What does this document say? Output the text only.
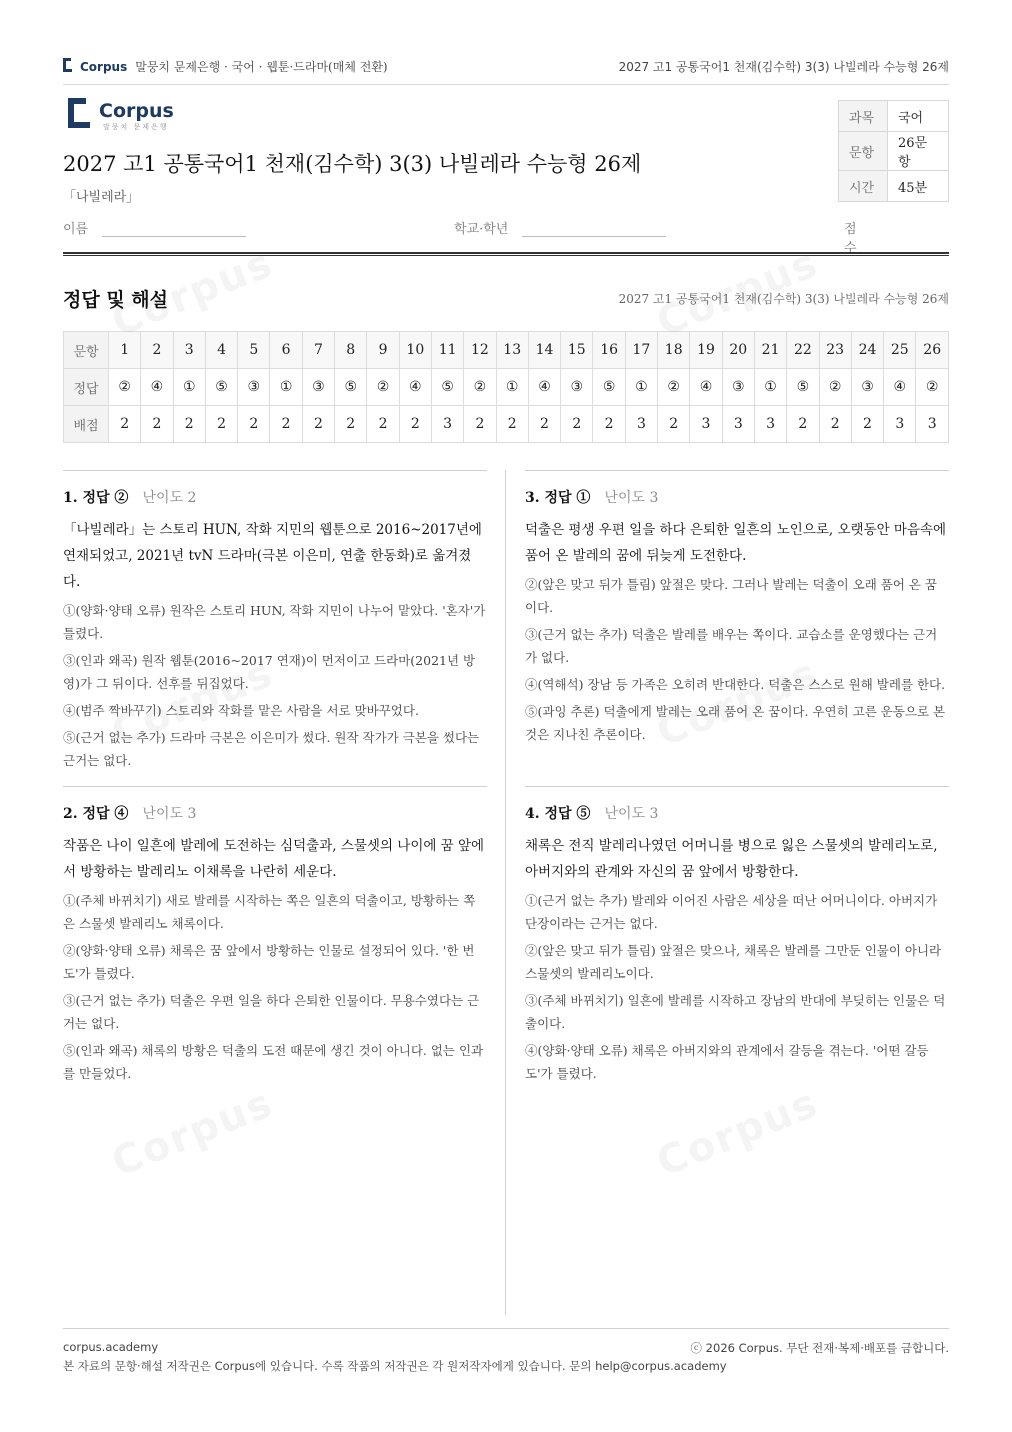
Corpus 말뭉치 문제은행 · 국어 · 웹툰·드라마(매체 전환)	2027 고1 공통국어1 천재(김수학) 3(3) 나빌레라 수능형 26제
Corpus
말뭉치 문제은행
2027 고1 공통국어1 천재(김수학) 3(3) 나빌레라 수능형 26제
「나빌레라」
과목	국어
문항	26문항
시간	45분
이름	학교·학년	점수
정답 및 해설	2027 고1 공통국어1 천재(김수학) 3(3) 나빌레라 수능형 26제
문항	1	2	3	4	5	6	7	8	9	10	11	12	13	14	15	16	17	18	19	20	21	22	23	24	25	26
정답	②	④	①	⑤	③	①	③	⑤	②	④	⑤	②	①	④	③	⑤	①	②	④	③	①	⑤	②	③	④	②
배점	2	2	2	2	2	2	2	2	2	2	3	2	2	2	2	2	3	2	3	3	3	2	2	2	3	3
1. 정답 ② 난이도 2
「나빌레라」는 스토리 HUN, 작화 지민의 웹툰으로 2016~2017년에 연재되었고, 2021년 tvN 드라마(극본 이은미, 연출 한동화)로 옮겨졌다.
①(양화·양태 오류) 원작은 스토리 HUN, 작화 지민이 나누어 맡았다. '혼자'가 틀렸다.
③(인과 왜곡) 원작 웹툰(2016~2017 연재)이 먼저이고 드라마(2021년 방영)가 그 뒤이다. 선후를 뒤집었다.
④(범주 짝바꾸기) 스토리와 작화를 맡은 사람을 서로 맞바꾸었다.
⑤(근거 없는 추가) 드라마 극본은 이은미가 썼다. 원작 작가가 극본을 썼다는 근거는 없다.
2. 정답 ④ 난이도 3
작품은 나이 일흔에 발레에 도전하는 심덕출과, 스물셋의 나이에 꿈 앞에서 방황하는 발레리노 이채록을 나란히 세운다.
①(주체 바뀌치기) 새로 발레를 시작하는 쪽은 일흔의 덕출이고, 방황하는 쪽은 스물셋 발레리노 채록이다.
②(양화·양태 오류) 채록은 꿈 앞에서 방황하는 인물로 설정되어 있다. '한 번도'가 틀렸다.
③(근거 없는 추가) 덕출은 우편 일을 하다 은퇴한 인물이다. 무용수였다는 근거는 없다.
⑤(인과 왜곡) 채록의 방황은 덕출의 도전 때문에 생긴 것이 아니다. 없는 인과를 만들었다.
3. 정답 ① 난이도 3
덕출은 평생 우편 일을 하다 은퇴한 일흔의 노인으로, 오랫동안 마음속에 품어 온 발레의 꿈에 뒤늦게 도전한다.
②(앞은 맞고 뒤가 틀림) 앞절은 맞다. 그러나 발레는 덕출이 오래 품어 온 꿈이다.
③(근거 없는 추가) 덕출은 발레를 배우는 쪽이다. 교습소를 운영했다는 근거가 없다.
④(역해석) 장남 등 가족은 오히려 반대한다. 덕출은 스스로 원해 발레를 한다.
⑤(과잉 추론) 덕출에게 발레는 오래 품어 온 꿈이다. 우연히 고른 운동으로 본 것은 지나친 추론이다.
4. 정답 ⑤ 난이도 3
채록은 전직 발레리나였던 어머니를 병으로 잃은 스물셋의 발레리노로, 아버지와의 관계와 자신의 꿈 앞에서 방황한다.
①(근거 없는 추가) 발레와 이어진 사람은 세상을 떠난 어머니이다. 아버지가 단장이라는 근거는 없다.
②(앞은 맞고 뒤가 틀림) 앞절은 맞으나, 채록은 발레를 그만둔 인물이 아니라 스물셋의 발레리노이다.
③(주체 바뀌치기) 일흔에 발레를 시작하고 장남의 반대에 부딪히는 인물은 덕출이다.
④(양화·양태 오류) 채록은 아버지와의 관계에서 갈등을 겪는다. '어떤 갈등도'가 틀렸다.
corpus.academy	ⓒ 2026 Corpus. 무단 전재·복제·배포를 금합니다.
본 자료의 문항·해설 저작권은 Corpus에 있습니다. 수록 작품의 저작권은 각 원저작자에게 있습니다. 문의 help@corpus.academy
